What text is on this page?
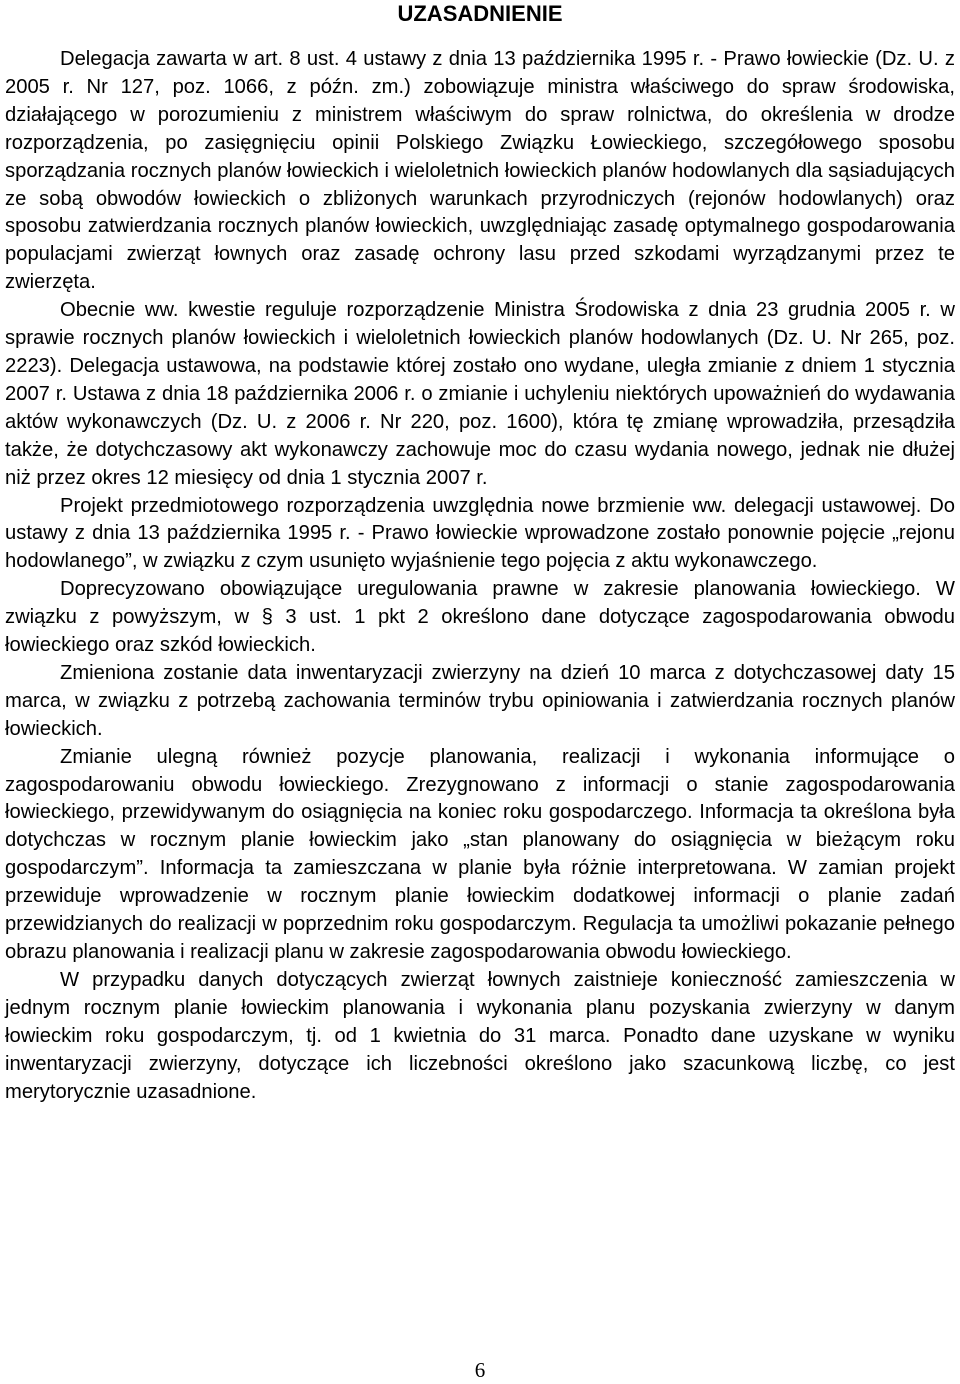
UZASADNIENIE

Delegacja zawarta w art. 8 ust. 4 ustawy z dnia 13 października 1995 r. - Prawo łowieckie (Dz. U. z 2005 r. Nr 127, poz. 1066, z późn. zm.) zobowiązuje ministra właściwego do spraw środowiska, działającego w porozumieniu z ministrem właściwym do spraw rolnictwa, do określenia w drodze rozporządzenia, po zasięgnięciu opinii Polskiego Związku Łowieckiego, szczegółowego sposobu sporządzania rocznych planów łowieckich i wieloletnich łowieckich planów hodowlanych dla sąsiadujących ze sobą obwodów łowieckich o zbliżonych warunkach przyrodniczych (rejonów hodowlanych) oraz sposobu zatwierdzania rocznych planów łowieckich, uwzględniając zasadę optymalnego gospodarowania populacjami zwierząt łownych oraz zasadę ochrony lasu przed szkodami wyrządzanymi przez te zwierzęta.

Obecnie ww. kwestie reguluje rozporządzenie Ministra Środowiska z dnia 23 grudnia 2005 r. w sprawie rocznych planów łowieckich i wieloletnich łowieckich planów hodowlanych (Dz. U. Nr 265, poz. 2223). Delegacja ustawowa, na podstawie której zostało ono wydane, uległa zmianie z dniem 1 stycznia 2007 r. Ustawa z dnia 18 października 2006 r. o zmianie i uchyleniu niektórych upoważnień do wydawania aktów wykonawczych (Dz. U. z 2006 r. Nr 220, poz. 1600), która tę zmianę wprowadziła, przesądziła także, że dotychczasowy akt wykonawczy zachowuje moc do czasu wydania nowego, jednak nie dłużej niż przez okres 12 miesięcy od dnia 1 stycznia 2007 r.

Projekt przedmiotowego rozporządzenia uwzględnia nowe brzmienie ww. delegacji ustawowej. Do ustawy z dnia 13 października 1995 r. - Prawo łowieckie wprowadzone zostało ponownie pojęcie „rejonu hodowlanego”, w związku z czym usunięto wyjaśnienie tego pojęcia z aktu wykonawczego.

Doprecyzowano obowiązujące uregulowania prawne w zakresie planowania łowieckiego. W związku z powyższym, w § 3 ust. 1 pkt 2 określono dane dotyczące zagospodarowania obwodu łowieckiego oraz szkód łowieckich.

Zmieniona zostanie data inwentaryzacji zwierzyny na dzień 10 marca z dotychczasowej daty 15 marca, w związku z potrzebą zachowania terminów trybu opiniowania i zatwierdzania rocznych planów łowieckich.

Zmianie ulegną również pozycje planowania, realizacji i wykonania informujące o zagospodarowaniu obwodu łowieckiego. Zrezygnowano z informacji o stanie zagospodarowania łowieckiego, przewidywanym do osiągnięcia na koniec roku gospodarczego. Informacja ta określona była dotychczas w rocznym planie łowieckim jako „stan planowany do osiągnięcia w bieżącym roku gospodarczym”. Informacja ta zamieszczana w planie była różnie interpretowana. W zamian projekt przewiduje wprowadzenie w rocznym planie łowieckim dodatkowej informacji o planie zadań przewidzianych do realizacji w poprzednim roku gospodarczym. Regulacja ta umożliwi pokazanie pełnego obrazu planowania i realizacji planu w zakresie zagospodarowania obwodu łowieckiego.

W przypadku danych dotyczących zwierząt łownych zaistnieje konieczność zamieszczenia w jednym rocznym planie łowieckim planowania i wykonania planu pozyskania zwierzyny w danym łowieckim roku gospodarczym, tj. od 1 kwietnia do 31 marca. Ponadto dane uzyskane w wyniku inwentaryzacji zwierzyny, dotyczące ich liczebności określono jako szacunkową liczbę, co jest merytorycznie uzasadnione.

6
